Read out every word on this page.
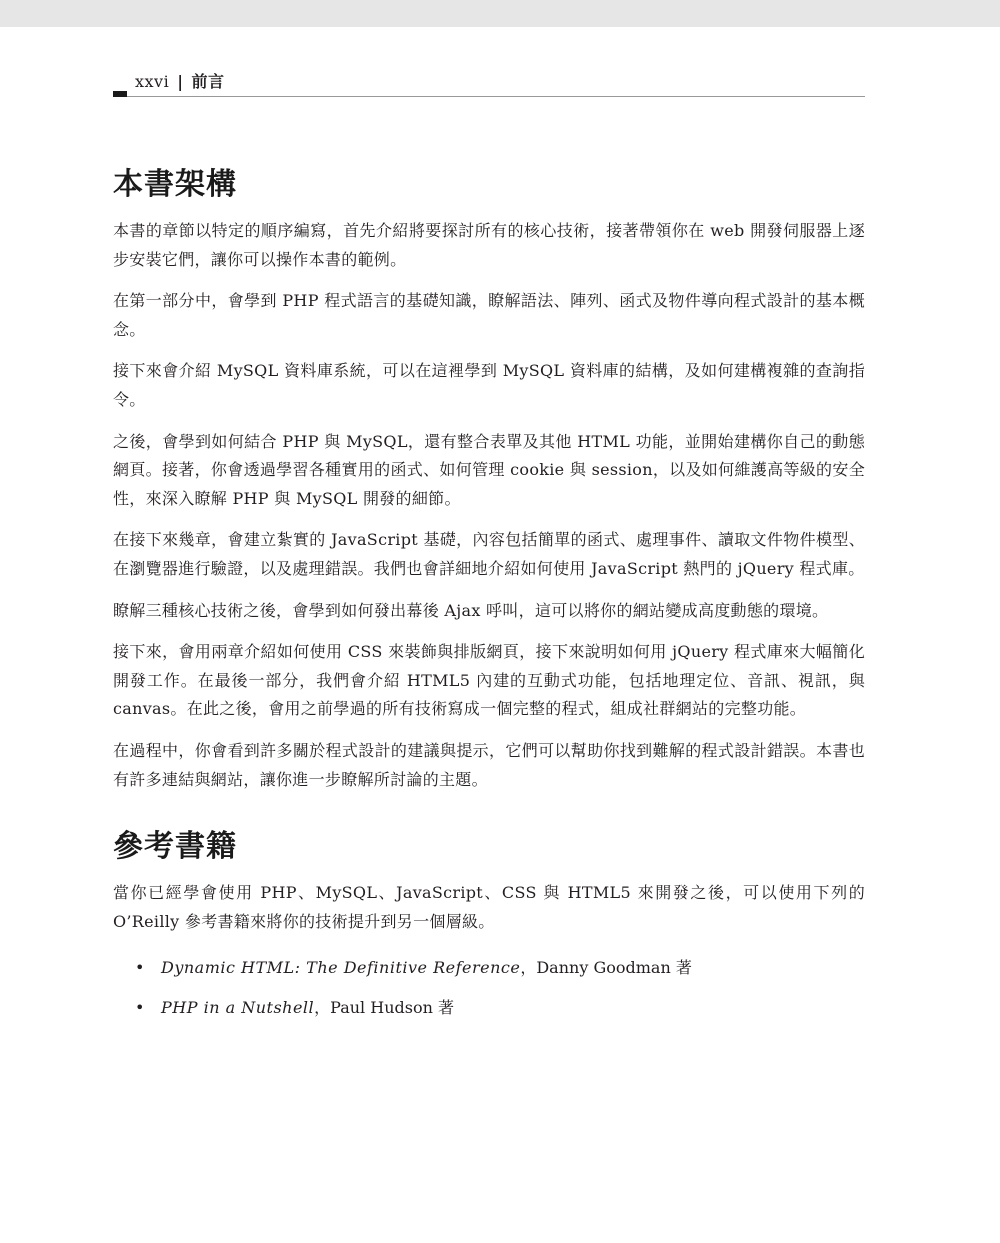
xxvi | 前言
本書架構

本書的章節以特定的順序編寫，首先介紹將要探討所有的核心技術，接著帶領你在 web 開發伺服器上逐步安裝它們，讓你可以操作本書的範例。

在第一部分中，會學到 PHP 程式語言的基礎知識，瞭解語法、陣列、函式及物件導向程式設計的基本概念。

接下來會介紹 MySQL 資料庫系統，可以在這裡學到 MySQL 資料庫的結構，及如何建構複雜的查詢指令。

之後，會學到如何結合 PHP 與 MySQL，還有整合表單及其他 HTML 功能，並開始建構你自己的動態網頁。接著，你會透過學習各種實用的函式、如何管理 cookie 與 session，以及如何維護高等級的安全性，來深入瞭解 PHP 與 MySQL 開發的細節。

在接下來幾章，會建立紮實的 JavaScript 基礎，內容包括簡單的函式、處理事件、讀取文件物件模型、在瀏覽器進行驗證，以及處理錯誤。我們也會詳細地介紹如何使用 JavaScript 熱門的 jQuery 程式庫。

瞭解三種核心技術之後，會學到如何發出幕後 Ajax 呼叫，這可以將你的網站變成高度動態的環境。

接下來，會用兩章介紹如何使用 CSS 來裝飾與排版網頁，接下來說明如何用 jQuery 程式庫來大幅簡化開發工作。在最後一部分，我們會介紹 HTML5 內建的互動式功能，包括地理定位、音訊、視訊，與 canvas。在此之後，會用之前學過的所有技術寫成一個完整的程式，組成社群網站的完整功能。

在過程中，你會看到許多關於程式設計的建議與提示，它們可以幫助你找到難解的程式設計錯誤。本書也有許多連結與網站，讓你進一步瞭解所討論的主題。

參考書籍

當你已經學會使用 PHP、MySQL、JavaScript、CSS 與 HTML5 來開發之後，可以使用下列的 O’Reilly 參考書籍來將你的技術提升到另一個層級。

• Dynamic HTML: The Definitive Reference，Danny Goodman 著
• PHP in a Nutshell，Paul Hudson 著
